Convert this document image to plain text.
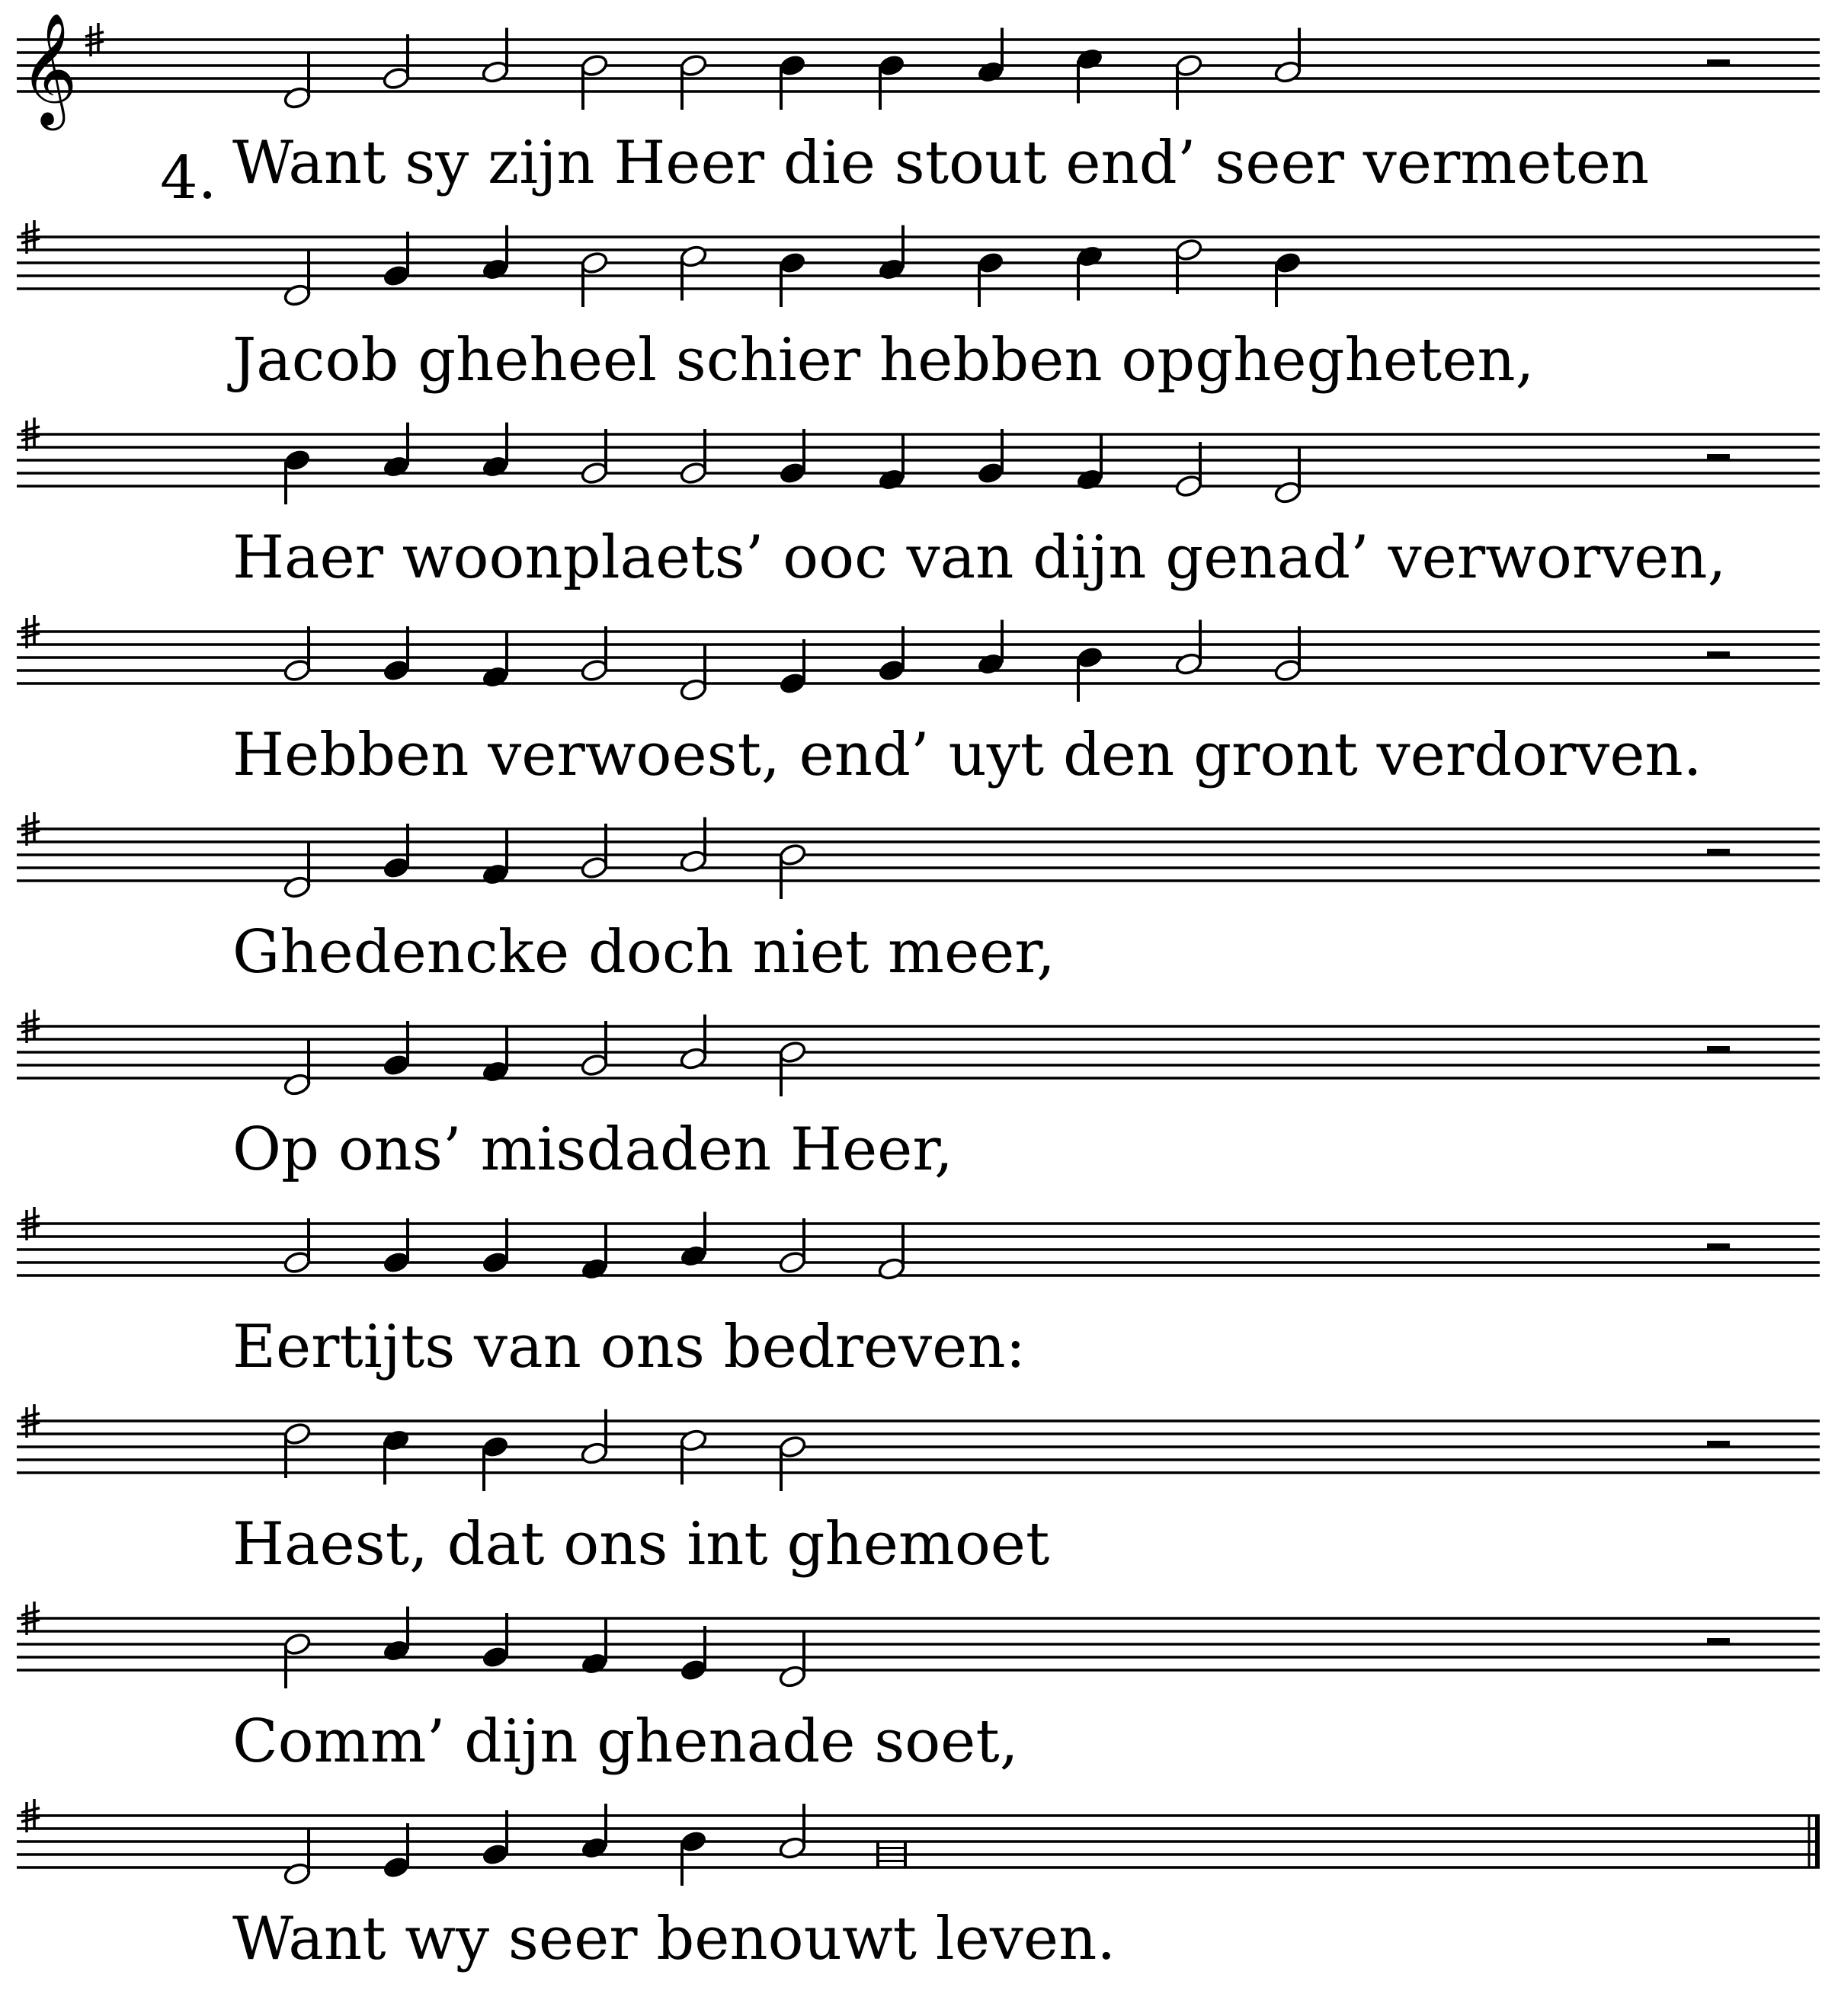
𝄞
Want sy zijn Heer die stout end’ seer vermeten
Jacob gheheel schier hebben opghegheten,
Haer woonplaets’ ooc van dijn genad’ verworven,
Hebben verwoest, end’ uyt den gront verdorven.
Ghedencke doch niet meer,
Op ons’ misdaden Heer,
Eertijts van ons bedreven:
Haest, dat ons int ghemoet
Comm’ dijn ghenade soet,
Want wy seer benouwt leven.
4.
